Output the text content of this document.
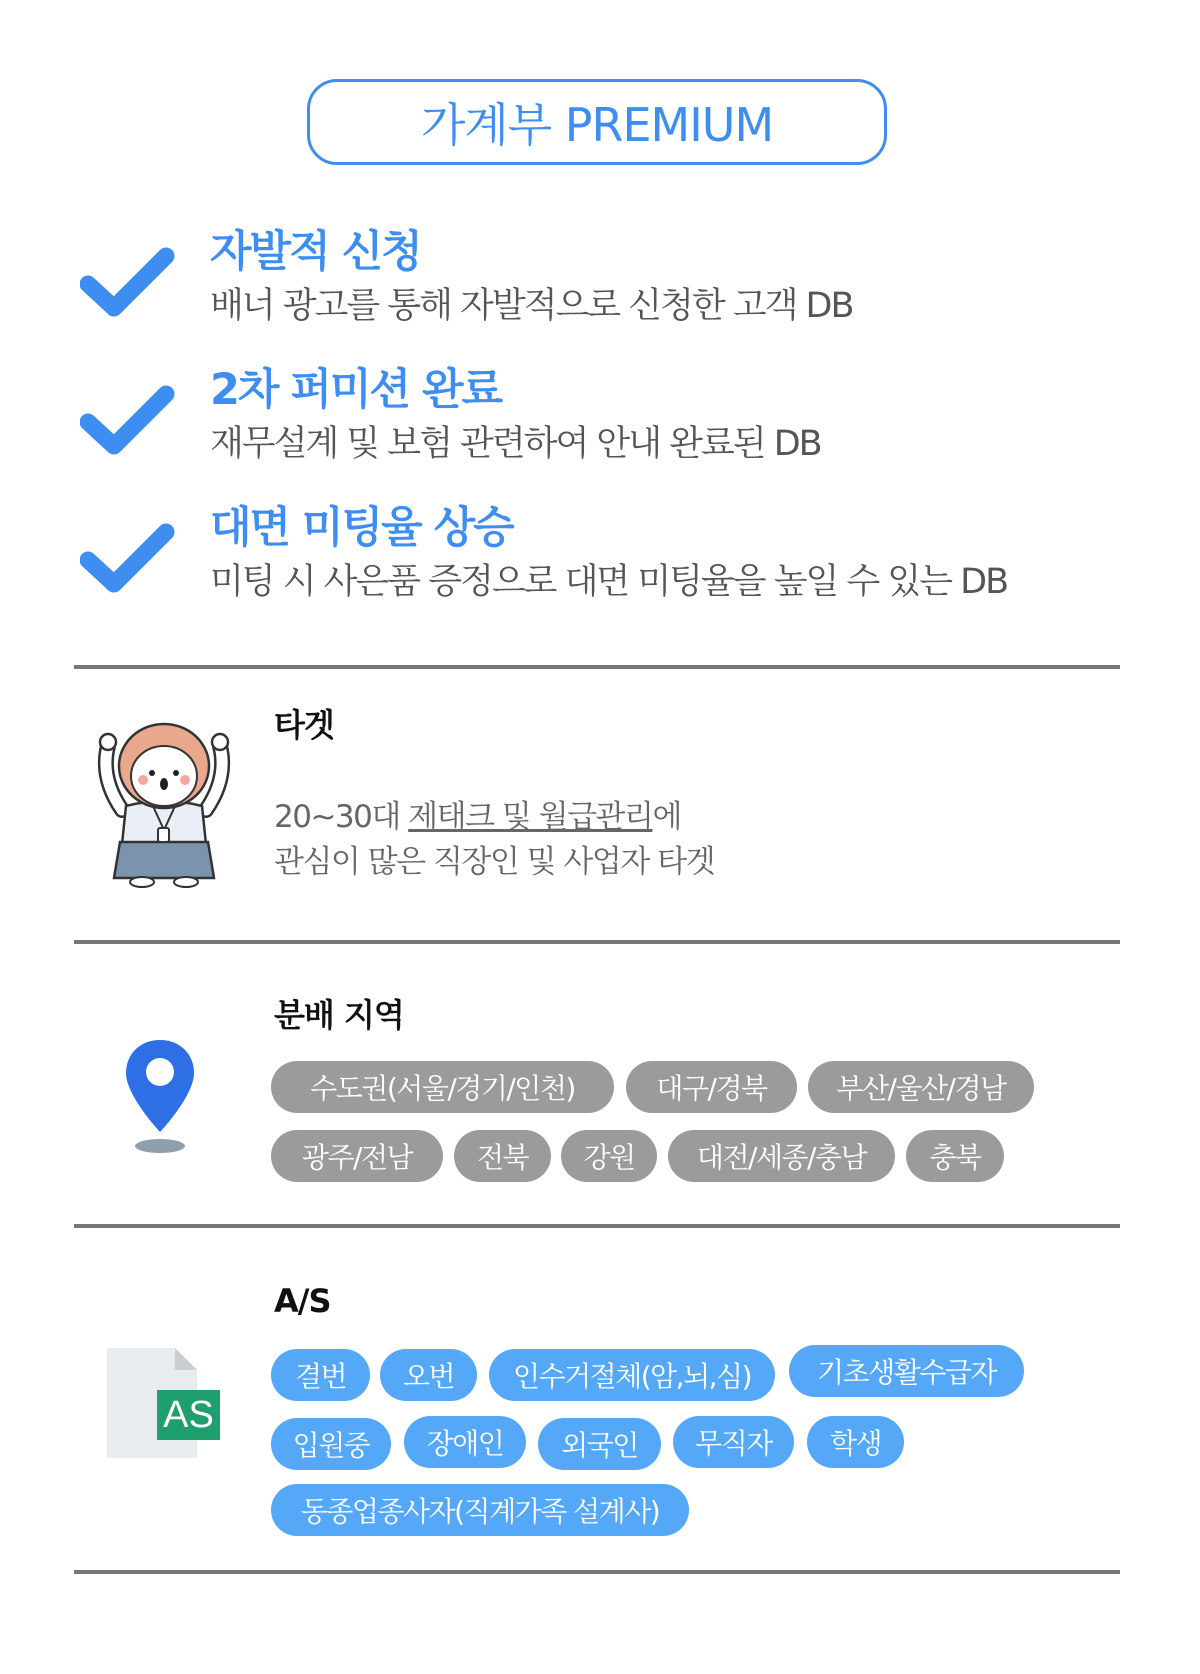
가계부 PREMIUM
자발적 신청
배너 광고를 통해 자발적으로 신청한 고객 DB
2차 퍼미션 완료
재무설계 및 보험 관련하여 안내 완료된 DB
대면 미팅율 상승
미팅 시 사은품 증정으로 대면 미팅율을 높일 수 있는 DB
타겟
20~30대 제태크 및 월급관리에
관심이 많은 직장인 및 사업자 타겟
분배 지역
수도권(서울/경기/인천)	대구/경북	부산/울산/경남
광주/전남	전북	강원	대전/세종/충남	충북
AS
A/S
결번	오번	인수거절체(암,뇌,심)	기초생활수급자
입원중	장애인	외국인	무직자	학생
동종업종사자(직계가족 설계사)
